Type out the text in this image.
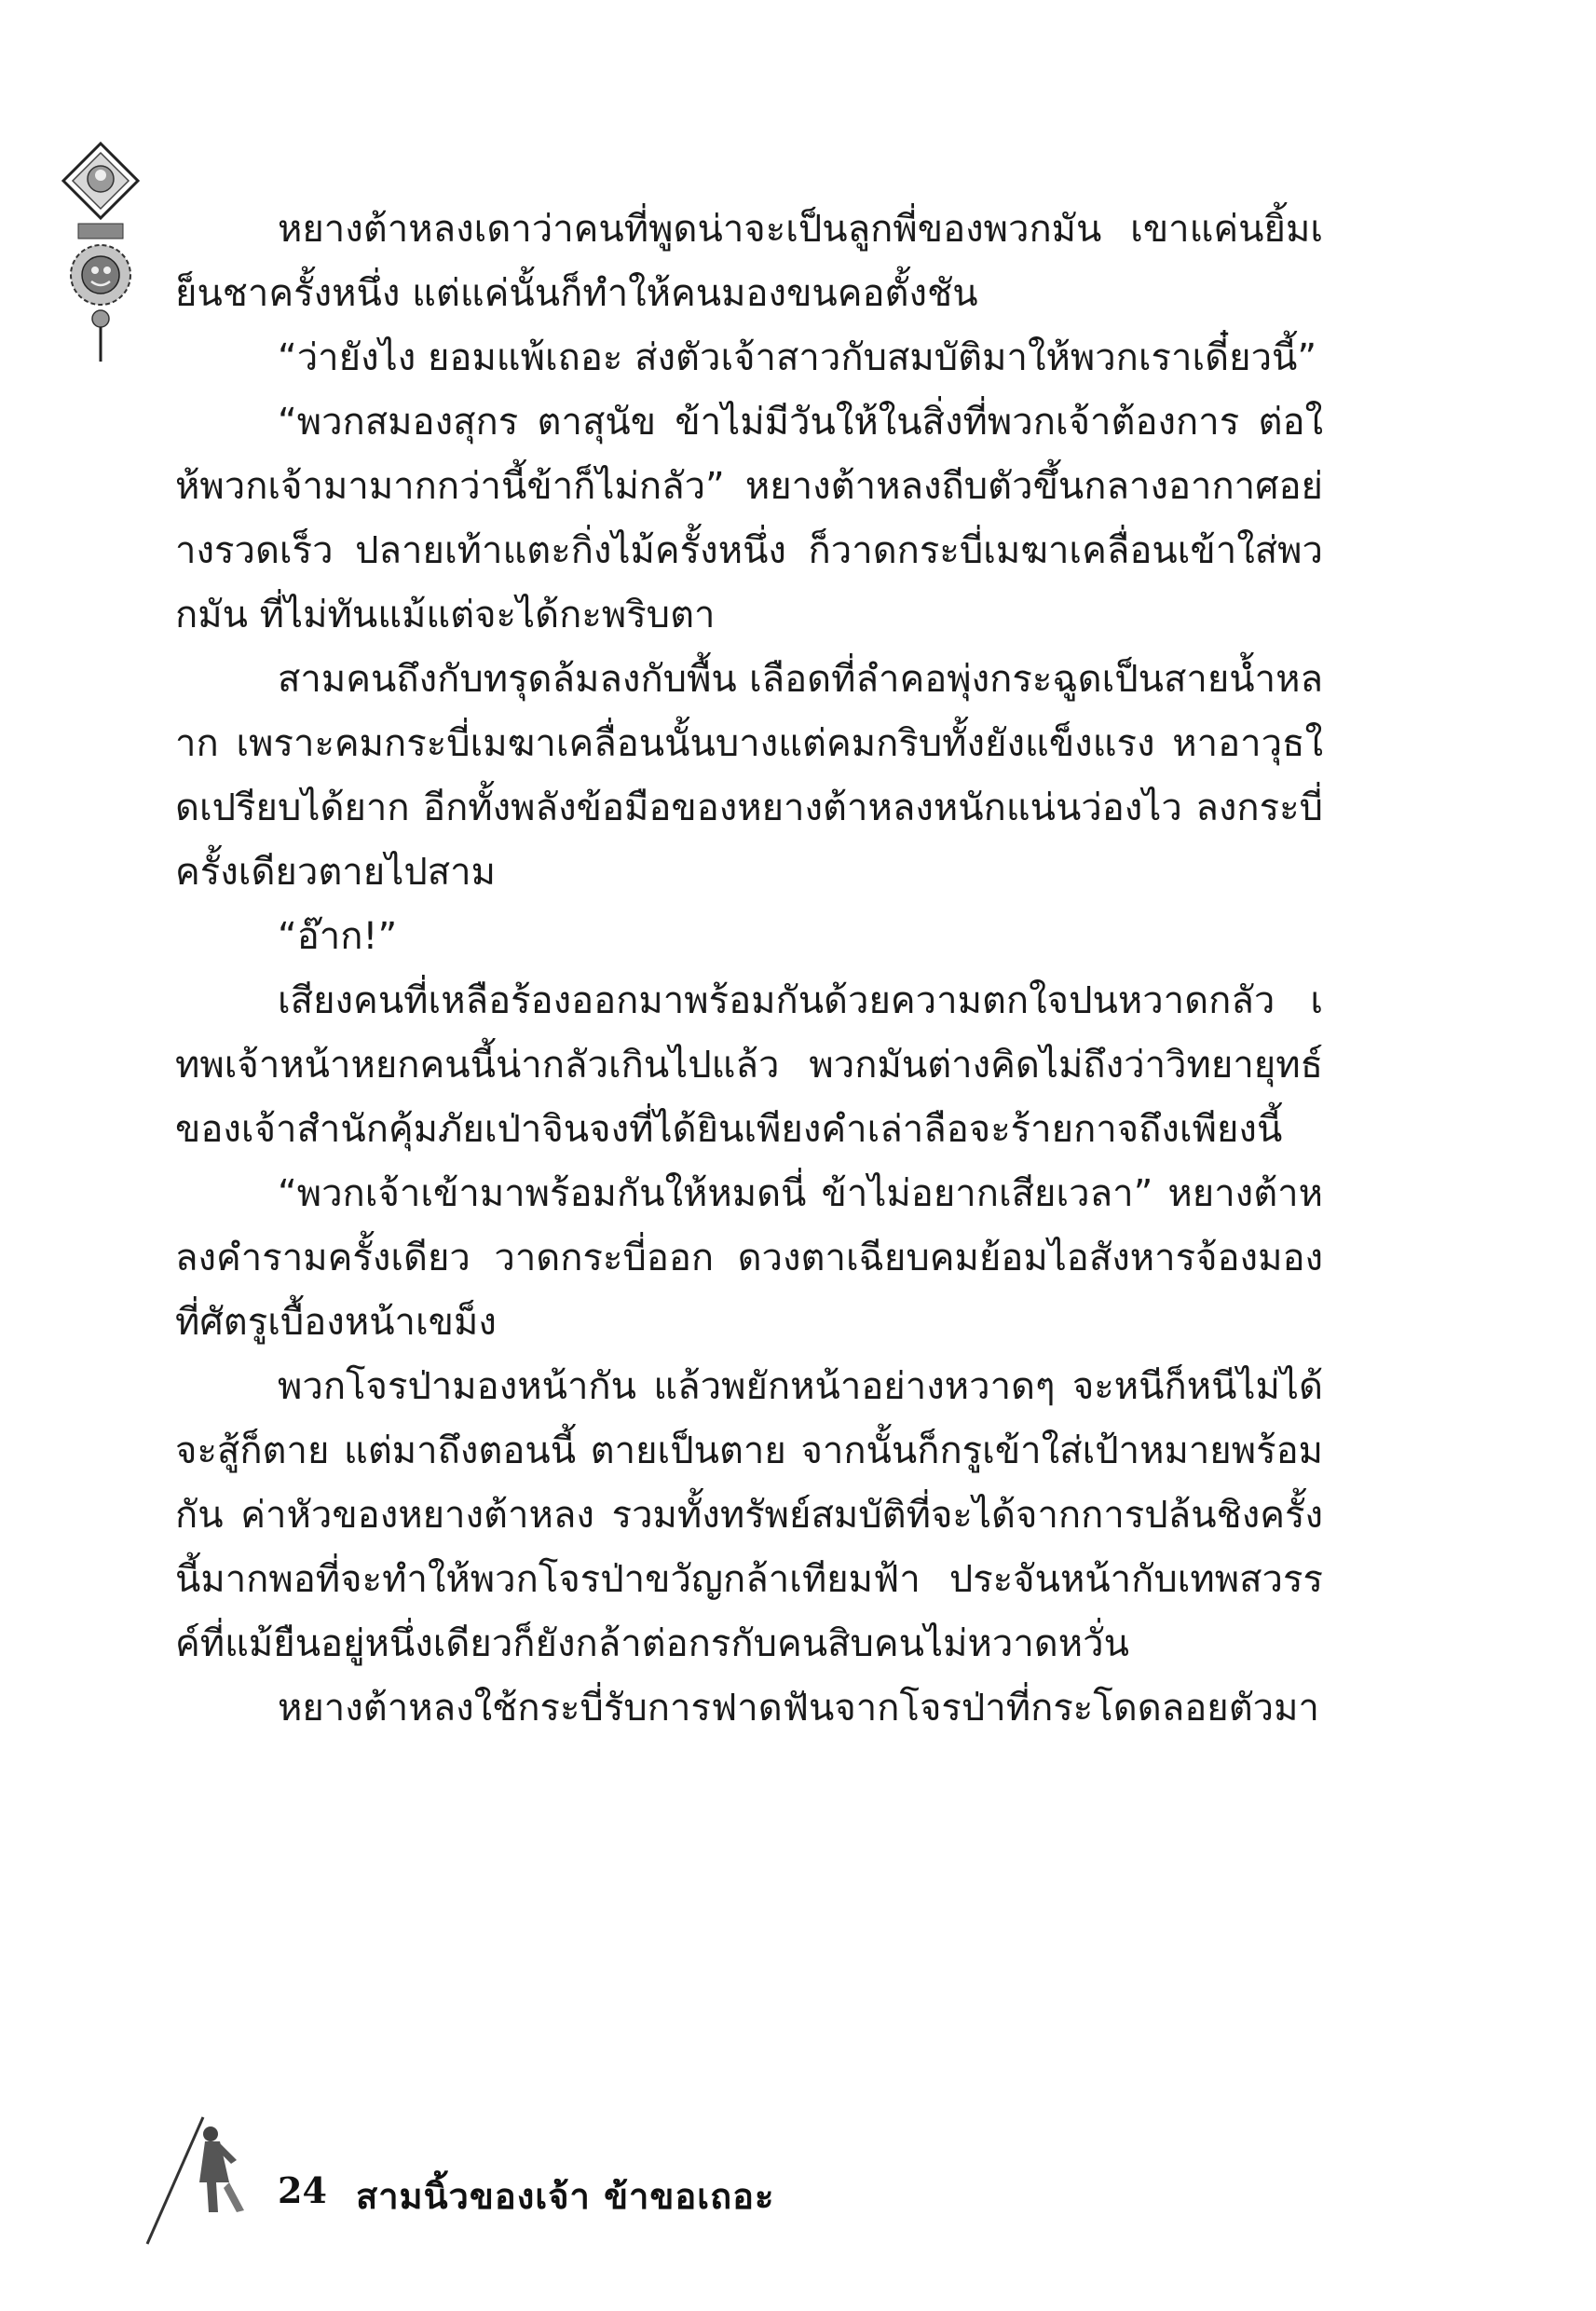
หยางต้าหลงเดาว่าคนที่พูดน่าจะเป็นลูกพี่ของพวกมัน เขาแค่นยิ้มเย็นชาครั้งหนึ่ง แต่แค่นั้นก็ทำให้คนมองขนคอตั้งชัน

“ว่ายังไง ยอมแพ้เถอะ ส่งตัวเจ้าสาวกับสมบัติมาให้พวกเราเดี๋ยวนี้”

“พวกสมองสุกร ตาสุนัข ข้าไม่มีวันให้ในสิ่งที่พวกเจ้าต้องการ ต่อให้พวกเจ้ามามากกว่านี้ข้าก็ไม่กลัว” หยางต้าหลงถีบตัวขึ้นกลางอากาศอย่างรวดเร็ว ปลายเท้าแตะกิ่งไม้ครั้งหนึ่ง ก็วาดกระบี่เมฆาเคลื่อนเข้าใส่พวกมัน ที่ไม่ทันแม้แต่จะได้กะพริบตา

สามคนถึงกับทรุดล้มลงกับพื้น เลือดที่ลำคอพุ่งกระฉูดเป็นสายน้ำหลาก เพราะคมกระบี่เมฆาเคลื่อนนั้นบางแต่คมกริบทั้งยังแข็งแรง หาอาวุธใดเปรียบได้ยาก อีกทั้งพลังข้อมือของหยางต้าหลงหนักแน่นว่องไว ลงกระบี่ครั้งเดียวตายไปสาม

“อ๊าก!”

เสียงคนที่เหลือร้องออกมาพร้อมกันด้วยความตกใจปนหวาดกลัว เทพเจ้าหน้าหยกคนนี้น่ากลัวเกินไปแล้ว พวกมันต่างคิดไม่ถึงว่าวิทยายุทธ์ของเจ้าสำนักคุ้มภัยเป่าจินจงที่ได้ยินเพียงคำเล่าลือจะร้ายกาจถึงเพียงนี้

“พวกเจ้าเข้ามาพร้อมกันให้หมดนี่ ข้าไม่อยากเสียเวลา” หยางต้าหลงคำรามครั้งเดียว วาดกระบี่ออก ดวงตาเฉียบคมย้อมไอสังหารจ้องมองที่ศัตรูเบื้องหน้าเขม็ง

พวกโจรป่ามองหน้ากัน แล้วพยักหน้าอย่างหวาดๆ จะหนีก็หนีไม่ได้ จะสู้ก็ตาย แต่มาถึงตอนนี้ ตายเป็นตาย จากนั้นก็กรูเข้าใส่เป้าหมายพร้อมกัน ค่าหัวของหยางต้าหลง รวมทั้งทรัพย์สมบัติที่จะได้จากการปล้นชิงครั้งนี้มากพอที่จะทำให้พวกโจรป่าขวัญกล้าเทียมฟ้า ประจันหน้ากับเทพสวรรค์ที่แม้ยืนอยู่หนึ่งเดียวก็ยังกล้าต่อกรกับคนสิบคนไม่หวาดหวั่น

หยางต้าหลงใช้กระบี่รับการฟาดฟันจากโจรป่าที่กระโดดลอยตัวมา

24 สามนิ้วของเจ้า ข้าขอเถอะ
